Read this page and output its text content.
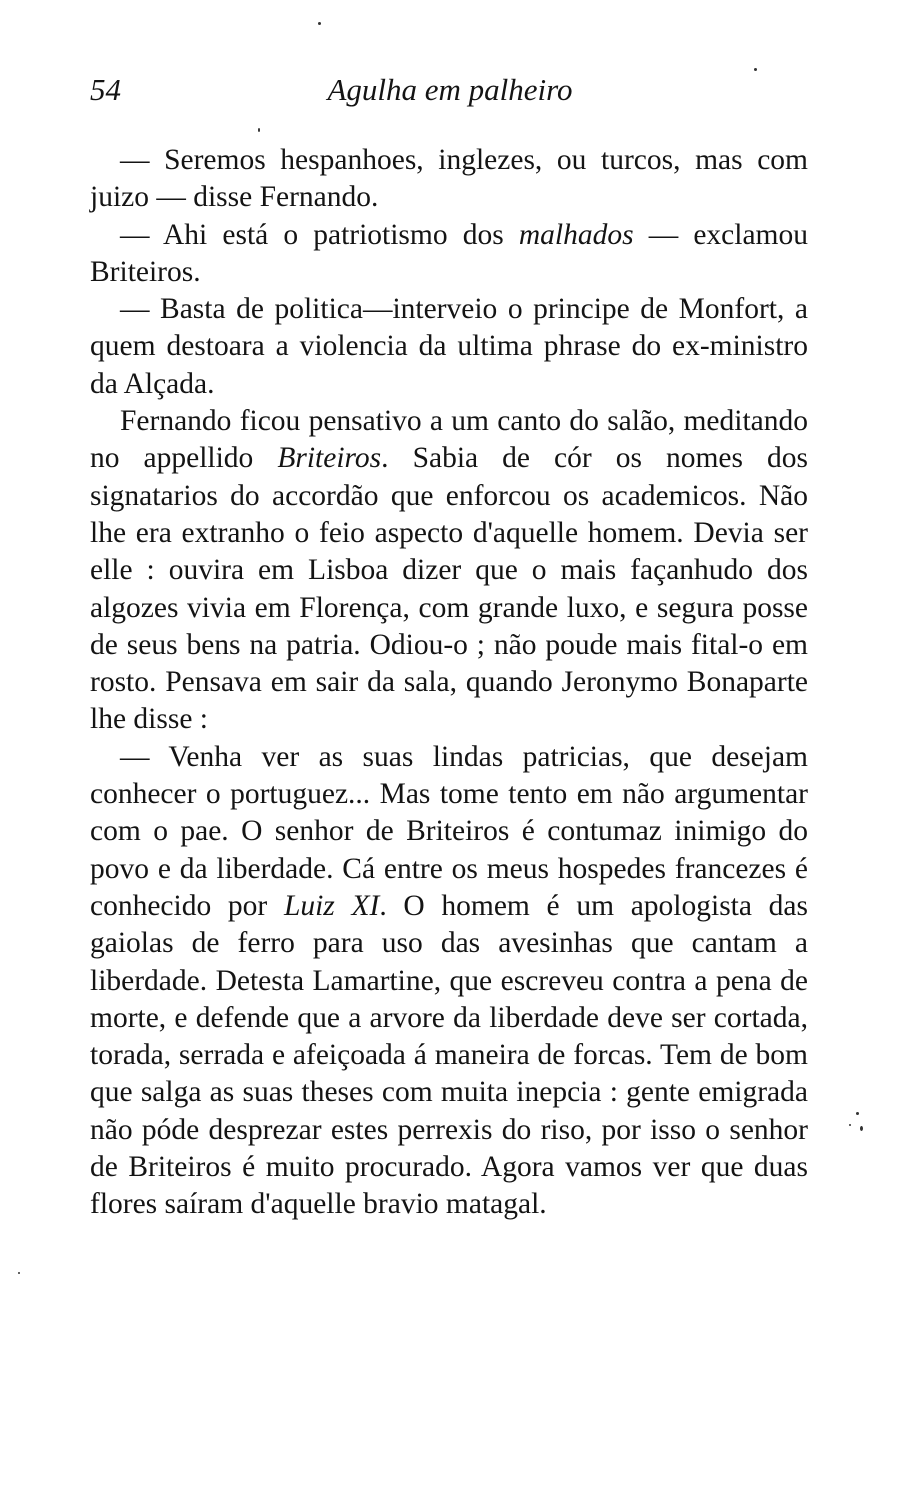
54	Agulha em palheiro

— Seremos hespanhoes, inglezes, ou turcos, mas com juizo — disse Fernando.

— Ahi está o patriotismo dos malhados — exclamou Briteiros.

— Basta de politica—interveio o principe de Monfort, a quem destoara a violencia da ultima phrase do ex-ministro da Alçada.

Fernando ficou pensativo a um canto do salão, meditando no appellido Briteiros. Sabia de cór os nomes dos signatarios do accordão que enforcou os academicos. Não lhe era extranho o feio aspecto d'aquelle homem. Devia ser elle : ouvira em Lisboa dizer que o mais façanhudo dos algozes vivia em Florença, com grande luxo, e segura posse de seus bens na patria. Odiou-o ; não poude mais fital-o em rosto. Pensava em sair da sala, quando Jeronymo Bonaparte lhe disse :

— Venha ver as suas lindas patricias, que desejam conhecer o portuguez... Mas tome tento em não argumentar com o pae. O senhor de Briteiros é contumaz inimigo do povo e da liberdade. Cá entre os meus hospedes francezes é conhecido por Luiz XI. O homem é um apologista das gaiolas de ferro para uso das avesinhas que cantam a liberdade. Detesta Lamartine, que escreveu contra a pena de morte, e defende que a arvore da liberdade deve ser cortada, torada, serrada e afeiçoada á maneira de forcas. Tem de bom que salga as suas theses com muita inepcia : gente emigrada não póde desprezar estes perrexis do riso, por isso o senhor de Briteiros é muito procurado. Agora vamos ver que duas flores saíram d'aquelle bravio matagal.
